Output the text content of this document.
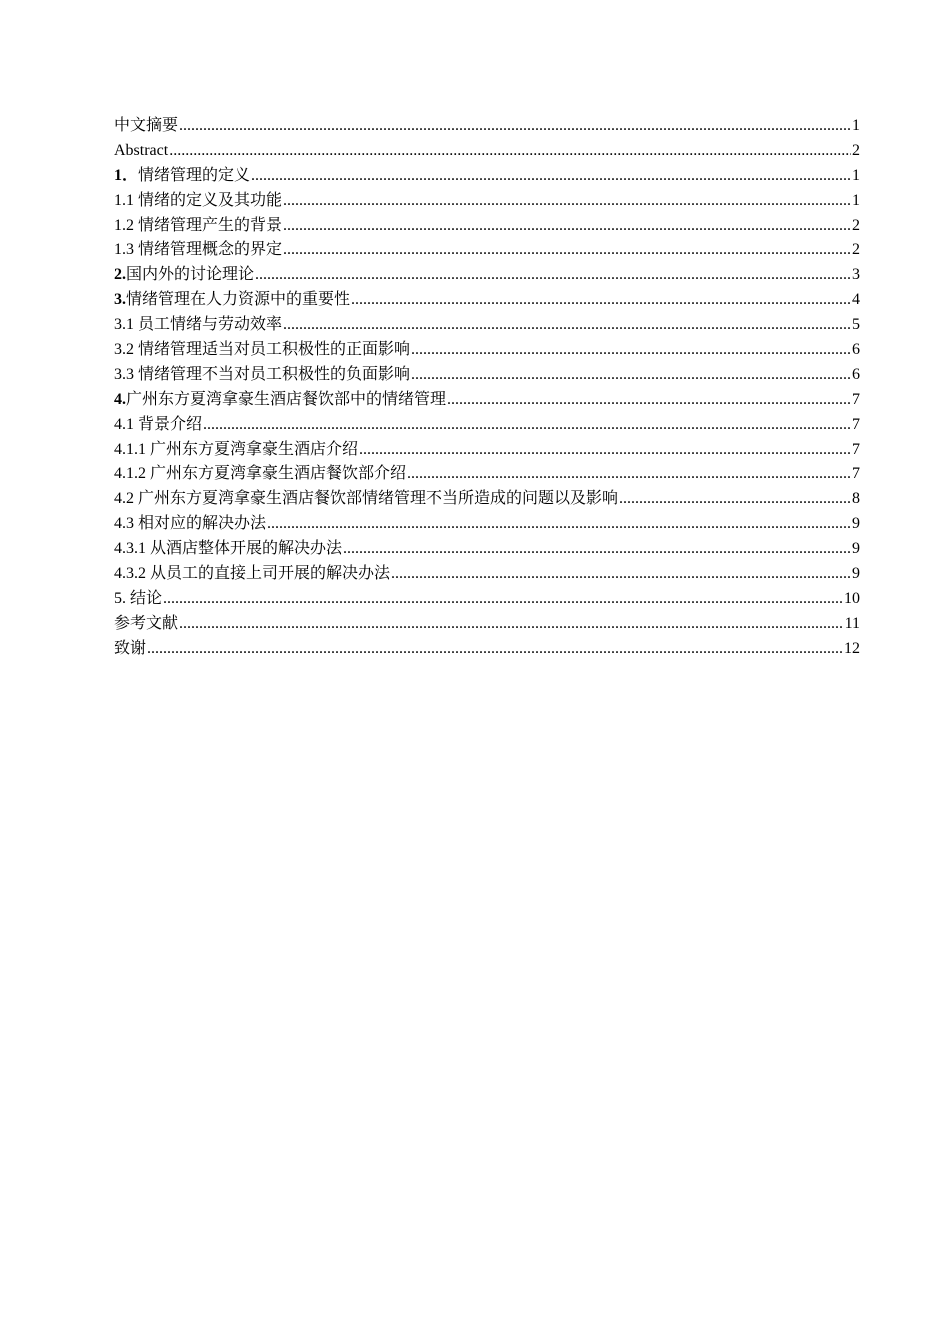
中文摘要 .....	1
Abstract .....	2
1． 情绪管理的定义 .....	1
1.1 情绪的定义及其功能 .....	1
1.2 情绪管理产生的背景 .....	2
1.3 情绪管理概念的界定 .....	2
2. 国内外的讨论理论 .....	3
3. 情绪管理在人力资源中的重要性 .....	4
3.1 员工情绪与劳动效率 .....	5
3.2 情绪管理适当对员工积极性的正面影响 .....	6
3.3 情绪管理不当对员工积极性的负面影响 .....	6
4. 广州东方夏湾拿豪生酒店餐饮部中的情绪管理 .....	7
4.1 背景介绍 .....	7
4.1.1 广州东方夏湾拿豪生酒店介绍 .....	7
4.1.2 广州东方夏湾拿豪生酒店餐饮部介绍 .....	7
4.2 广州东方夏湾拿豪生酒店餐饮部情绪管理不当所造成的问题以及影响 .....	8
4.3 相对应的解决办法 .....	9
4.3.1 从酒店整体开展的解决办法 .....	9
4.3.2 从员工的直接上司开展的解决办法 .....	9
5. 结论 .....	10
参考文献 .....	11
致谢 .....	12
